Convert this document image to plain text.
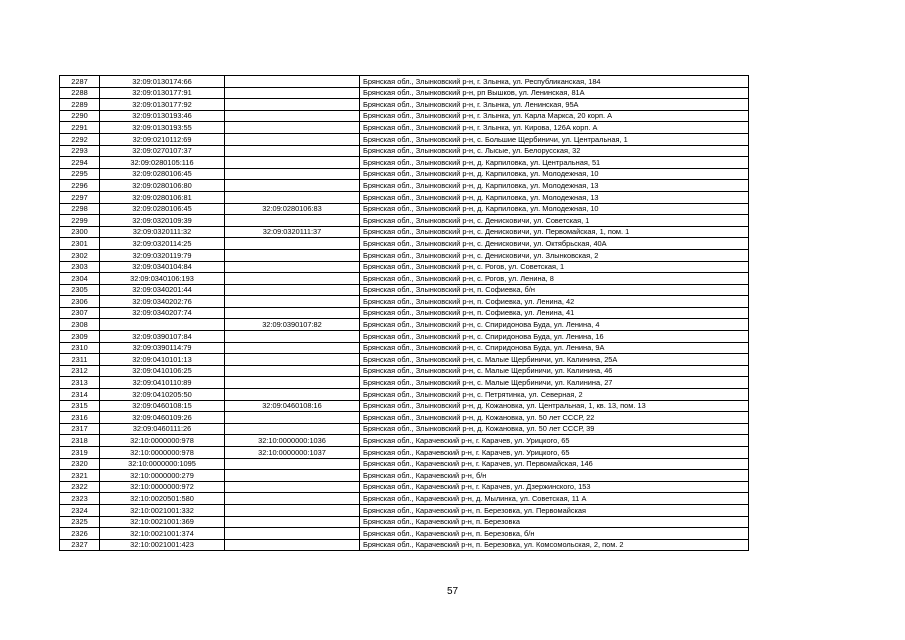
2287	32:09:0130174:66		Брянская обл., Злынковский р-н, г. Злынка, ул. Республиканская, 184
2288	32:09:0130177:91		Брянская обл., Злынковский р-н, рп Вышков, ул. Ленинская, 81А
2289	32:09:0130177:92		Брянская обл., Злынковский р-н, г. Злынка, ул. Ленинская, 95А
2290	32:09:0130193:46		Брянская обл., Злынковский р-н, г. Злынка, ул. Карла Маркса, 20 корп. А
2291	32:09:0130193:55		Брянская обл., Злынковский р-н, г. Злынка, ул. Кирова, 126А корп. А
2292	32:09:0210112:69		Брянская обл., Злынковский р-н, с. Большие Щербиничи, ул. Центральная, 1
2293	32:09:0270107:37		Брянская обл., Злынковский р-н, с. Лысые, ул. Белорусская, 32
2294	32:09:0280105:116		Брянская обл., Злынковский р-н, д. Карпиловка, ул. Центральная, 51
2295	32:09:0280106:45		Брянская обл., Злынковский р-н, д. Карпиловка, ул. Молодежная, 10
2296	32:09:0280106:80		Брянская обл., Злынковский р-н, д. Карпиловка, ул. Молодежная, 13
2297	32:09:0280106:81		Брянская обл., Злынковский р-н, д. Карпиловка, ул. Молодежная, 13
2298	32:09:0280106:45	32:09:0280106:83	Брянская обл., Злынковский р-н, д. Карпиловка, ул. Молодежная, 10
2299	32:09:0320109:39		Брянская обл., Злынковский р-н, с. Денисковичи, ул. Советская, 1
2300	32:09:0320111:32	32:09:0320111:37	Брянская обл., Злынковский р-н, с. Денисковичи, ул. Первомайская, 1, пом. 1
2301	32:09:0320114:25		Брянская обл., Злынковский р-н, с. Денисковичи, ул. Октябрьская, 40А
2302	32:09:0320119:79		Брянская обл., Злынковский р-н, с. Денисковичи, ул. Злынковская, 2
2303	32:09:0340104:84		Брянская обл., Злынковский р-н, с. Рогов, ул. Советская, 1
2304	32:09:0340106:193		Брянская обл., Злынковский р-н, с. Рогов, ул. Ленина, 8
2305	32:09:0340201:44		Брянская обл., Злынковский р-н, п. Софиевка, б/н
2306	32:09:0340202:76		Брянская обл., Злынковский р-н, п. Софиевка, ул. Ленина, 42
2307	32:09:0340207:74		Брянская обл., Злынковский р-н, п. Софиевка, ул. Ленина, 41
2308		32:09:0390107:82	Брянская обл., Злынковский р-н, с. Спиридонова Буда, ул. Ленина, 4
2309	32:09:0390107:84		Брянская обл., Злынковский р-н, с. Спиридонова Буда, ул. Ленина, 16
2310	32:09:0390114:79		Брянская обл., Злынковский р-н, с. Спиридонова Буда, ул. Ленина, 9А
2311	32:09:0410101:13		Брянская обл., Злынковский р-н, с. Малые Щербиничи, ул. Калинина, 25А
2312	32:09:0410106:25		Брянская обл., Злынковский р-н, с. Малые Щербиничи, ул. Калинина, 46
2313	32:09:0410110:89		Брянская обл., Злынковский р-н, с. Малые Щербиничи, ул. Калинина, 27
2314	32:09:0410205:50		Брянская обл., Злынковский р-н, с. Петрятинка, ул. Северная, 2
2315	32:09:0460108:15	32:09:0460108:16	Брянская обл., Злынковский р-н, д. Кожановка, ул. Центральная, 1, кв. 13, пом. 13
2316	32:09:0460109:26		Брянская обл., Злынковский р-н, д. Кожановка, ул. 50 лет СССР, 22
2317	32:09:0460111:26		Брянская обл., Злынковский р-н, д. Кожановка, ул. 50 лет СССР, 39
2318	32:10:0000000:978	32:10:0000000:1036	Брянская обл., Карачевский р-н, г. Карачев, ул. Урицкого, 65
2319	32:10:0000000:978	32:10:0000000:1037	Брянская обл., Карачевский р-н, г. Карачев, ул. Урицкого, 65
2320	32:10:0000000:1095		Брянская обл., Карачевский р-н, г. Карачев, ул. Первомайская, 146
2321	32:10:0000000:279		Брянская обл., Карачевский р-н, б/н
2322	32:10:0000000:972		Брянская обл., Карачевский р-н, г. Карачев, ул. Дзержинского, 153
2323	32:10:0020501:580		Брянская обл., Карачевский р-н, д. Мылинка, ул. Советская, 11 А
2324	32:10:0021001:332		Брянская обл., Карачевский р-н, п. Березовка, ул. Первомайская
2325	32:10:0021001:369		Брянская обл., Карачевский р-н, п. Березовка
2326	32:10:0021001:374		Брянская обл., Карачевский р-н, п. Березовка, б/н
2327	32:10:0021001:423		Брянская обл., Карачевский р-н, п. Березовка, ул. Комсомольская, 2, пом. 2
57
